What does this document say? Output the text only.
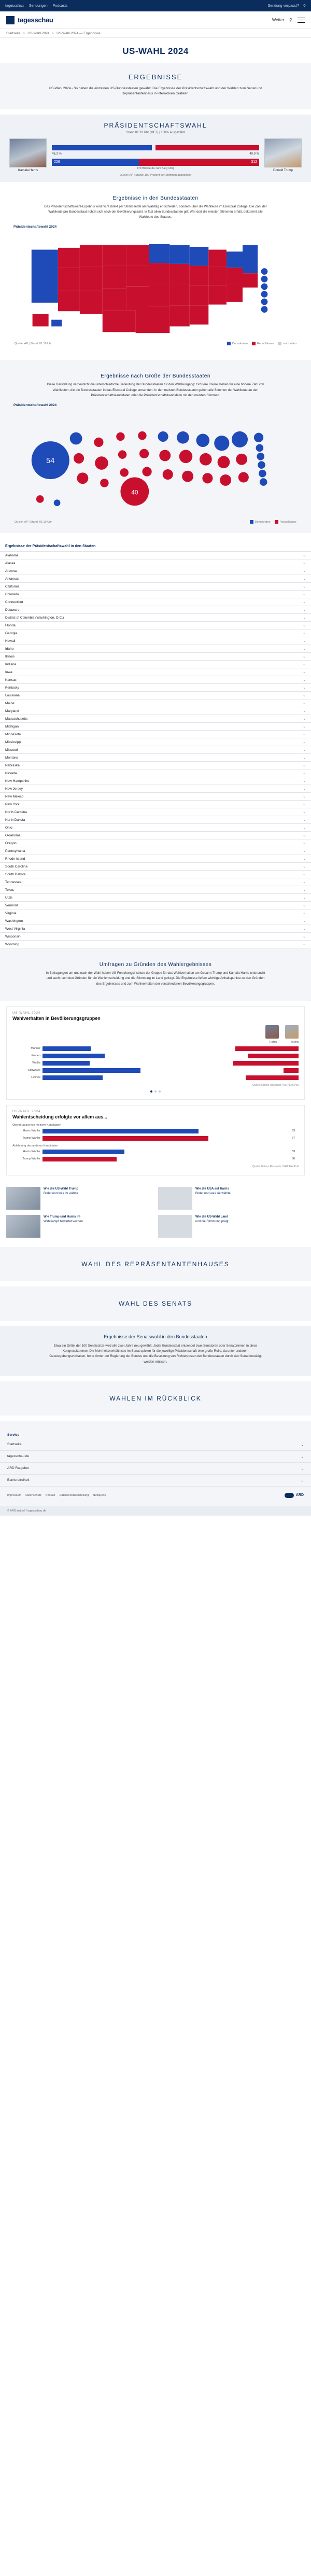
tagesschau Sendungen Podcasts	Sendung verpasst? ⚲
tagesschau	Wetter ⚲
Startseite > US-Wahl 2024 > US-Wahl 2024 — Ergebnisse
US-WAHL 2024
ERGEBNISSE
US-Wahl 2024 - So haben die einzelnen US-Bundesstaaten gewählt: Die Ergebnisse der Präsidentschaftswahl und der Wahlen zum Senat und Repräsentantenhaus in interaktiven Grafiken.
PRÄSIDENTSCHAFTSWAHL
Stand 01:19 Uhr (MEZ) | 100% ausgezählt
Kamala Harris
48,3 %	49,9 %
226	312
270 Wahlleute zum Sieg nötig
Donald Trump
Quelle: AP | Stand: 100 Prozent der Stimmen ausgezählt
Ergebnisse in den Bundesstaaten
Das Präsidentschaftswahl-Ergebnis wird nicht direkt per Stimmzettel am Wahltag entschieden, sondern über die Wahlleute im Electoral College. Die Zahl der Wahlleute pro Bundesstaat richtet sich nach der Bevölkerungszahl. In fast allen Bundesstaaten gilt: Wer dort die meisten Stimmen erhält, bekommt alle Wahlleute des Staates.
Präsidentschaftswahl 2024
Quelle: AP | Stand: 01:19 Uhr	Demokraten	Republikaner	noch offen
Ergebnisse nach Größe der Bundesstaaten
Diese Darstellung verdeutlicht die unterschiedliche Bedeutung der Bundesstaaten für den Wahlausgang: Größere Kreise stehen für eine höhere Zahl von Wahlleuten, die die Bundesstaaten in das Electoral College entsenden. In den meisten Bundesstaaten gehen alle Stimmen der Wahlleute an den Präsidentschaftskandidaten oder die Präsidentschaftskandidatin mit den meisten Stimmen.
Präsidentschaftswahl 2024
54
40
Quelle: AP | Stand: 01:19 Uhr	Demokraten	Republikaner
Ergebnisse der Präsidentschaftswahl in den Staaten
Alabama	⌄
Alaska	⌄
Arizona	⌄
Arkansas	⌄
California	⌄
Colorado	⌄
Connecticut	⌄
Delaware	⌄
District of Columbia (Washington, D.C.)	⌄
Florida	⌄
Georgia	⌄
Hawaii	⌄
Idaho	⌄
Illinois	⌄
Indiana	⌄
Iowa	⌄
Kansas	⌄
Kentucky	⌄
Louisiana	⌄
Maine	⌄
Maryland	⌄
Massachusetts	⌄
Michigan	⌄
Minnesota	⌄
Mississippi	⌄
Missouri	⌄
Montana	⌄
Nebraska	⌄
Nevada	⌄
New Hampshire	⌄
New Jersey	⌄
New Mexico	⌄
New York	⌄
North Carolina	⌄
North Dakota	⌄
Ohio	⌄
Oklahoma	⌄
Oregon	⌄
Pennsylvania	⌄
Rhode Island	⌄
South Carolina	⌄
South Dakota	⌄
Tennessee	⌄
Texas	⌄
Utah	⌄
Vermont	⌄
Virginia	⌄
Washington	⌄
West Virginia	⌄
Wisconsin	⌄
Wyoming	⌄
Umfragen zu Gründen des Wahlergebnisses
In Befragungen am und nach der Wahl haben US-Forschungsinstitute der Gruppe für das Wahlverhalten am Gesamt-Trump und Kamala Harris untersucht und auch nach den Gründen für die Wahlentscheidung und die Stimmung im Land gefragt. Die Ergebnisse liefern wichtige Anhaltspunkte zu den Gründen des Ergebnisses und zum Wahlverhalten der verschiedenen Bevölkerungsgruppen.
US-WAHL 2024
Wahlverhalten in Bevölkerungsgruppen
Harris	Trump
Männer
Frauen
Weiße
Schwarze
Latinos
Quelle: Edison Research / NEP Exit Poll
US-WAHL 2024
Wahlentscheidung erfolgte vor allem aus...
Überzeugung von meinem Kandidaten
Harris Wähler	63
Trump Wähler	67
Ablehnung des anderen Kandidaten
Harris Wähler	33
Trump Wähler	30
Quelle: Edison Research / NEP Exit Poll
Wie die US-Wahl Trump
Bilder und was ihr wählte
Wie die USA auf Harris
Bilder und was sie wählte
Wie Trump und Harris im
Wahlkampf bewertet wurden
Wie die US-Wahl Land
und die Stimmung prägt
WAHL DES REPRÄSENTANTENHAUSES
WAHL DES SENATS
Ergebnisse der Senatswahl in den Bundesstaaten
Etwa ein Drittel der 100 Senatssitze wird alle zwei Jahre neu gewählt. Jeder Bundesstaat entsendet zwei Senatoren oder Senatorinnen in diese Kongresskammer. Die Mehrheitsverhältnisse im Senat spielen für die jeweilige Präsidentschaft eine große Rolle, da unter anderem Gesetzgebungsvorhaben, hohe Ämter der Regierung der Bundes und die Besetzung von Richterposten der Bundesstaaten durch den Senat bestätigt werden müssen.
WAHLEN IM RÜCKBLICK
Service
Startseite	⌄
tagesschau.de	⌄
ARD Ratgeber	⌄
Barrierefreiheit	⌄
Impressum Datenschutz Kontakt Datenschutzeinstellung Netiquette	ARD
© ARD-aktuell / tagesschau.de
